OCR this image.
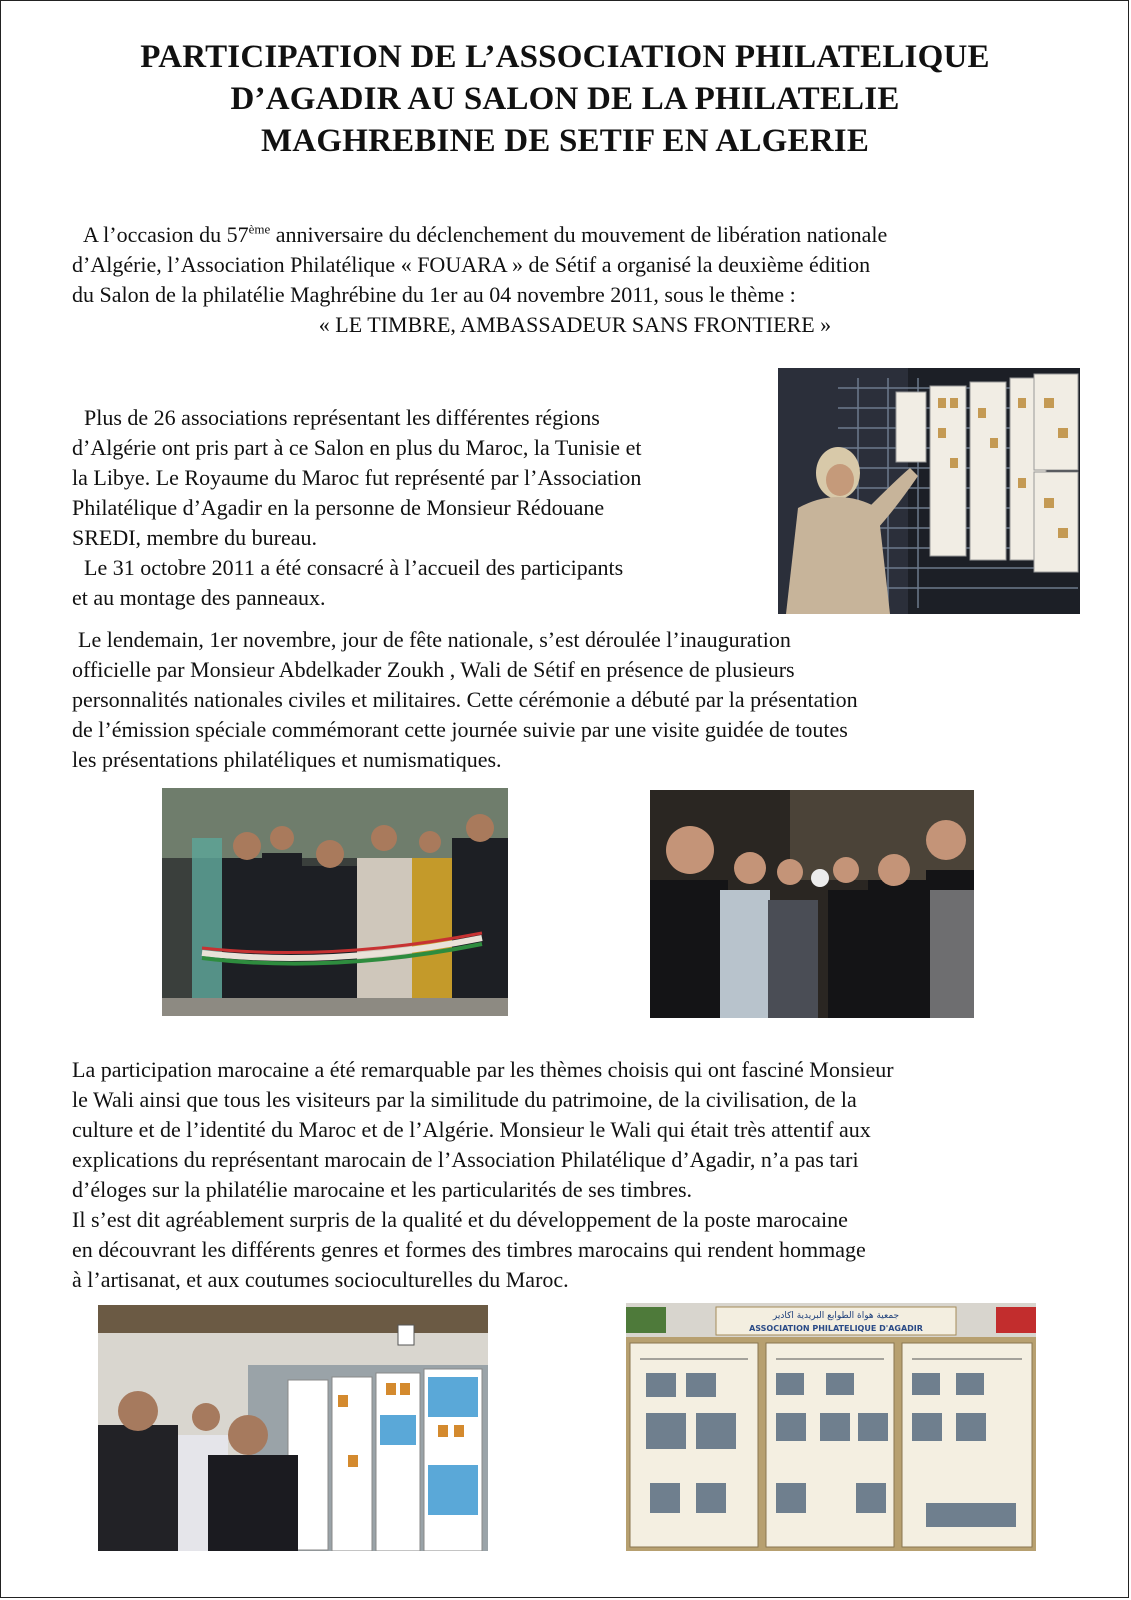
PARTICIPATION DE L’ASSOCIATION PHILATELIQUE
D’AGADIR AU SALON DE LA PHILATELIE
MAGHREBINE DE SETIF EN ALGERIE

A l’occasion du 57ème anniversaire du déclenchement du mouvement de libération nationale
d’Algérie, l’Association Philatélique « FOUARA » de Sétif a organisé la deuxième édition
du Salon de la philatélie Maghrébine du 1er au 04 novembre 2011, sous le thème :
« LE TIMBRE, AMBASSADEUR SANS FRONTIERE »

Plus de 26 associations représentant les différentes régions
d’Algérie ont pris part à ce Salon en plus du Maroc, la Tunisie et
la Libye. Le Royaume du Maroc fut représenté par l’Association
Philatélique d’Agadir en la personne de Monsieur Rédouane
SREDI, membre du bureau.
Le 31 octobre 2011 a été consacré à l’accueil des participants
et au montage des panneaux.

Le lendemain, 1er novembre, jour de fête nationale, s’est déroulée l’inauguration
officielle par Monsieur Abdelkader Zoukh , Wali de Sétif en présence de plusieurs
personnalités nationales civiles et militaires. Cette cérémonie a débuté par la présentation
de l’émission spéciale commémorant cette journée suivie par une visite guidée de toutes
les présentations philatéliques et numismatiques.

La participation marocaine a été remarquable par les thèmes choisis qui ont fasciné Monsieur
le Wali ainsi que tous les visiteurs par la similitude du patrimoine, de la civilisation, de la
culture et de l’identité du Maroc et de l’Algérie. Monsieur le Wali qui était très attentif aux
explications du représentant marocain de l’Association Philatélique d’Agadir, n’a pas tari
d’éloges sur la philatélie marocaine et les particularités de ses timbres.
Il s’est dit agréablement surpris de la qualité et du développement de la poste marocaine
en découvrant les différents genres et formes des timbres marocains qui rendent hommage
à l’artisanat, et aux coutumes socioculturelles du Maroc.

جمعية هواة الطوابع البريدية اكادير
ASSOCIATION PHILATELIQUE D'AGADIR
